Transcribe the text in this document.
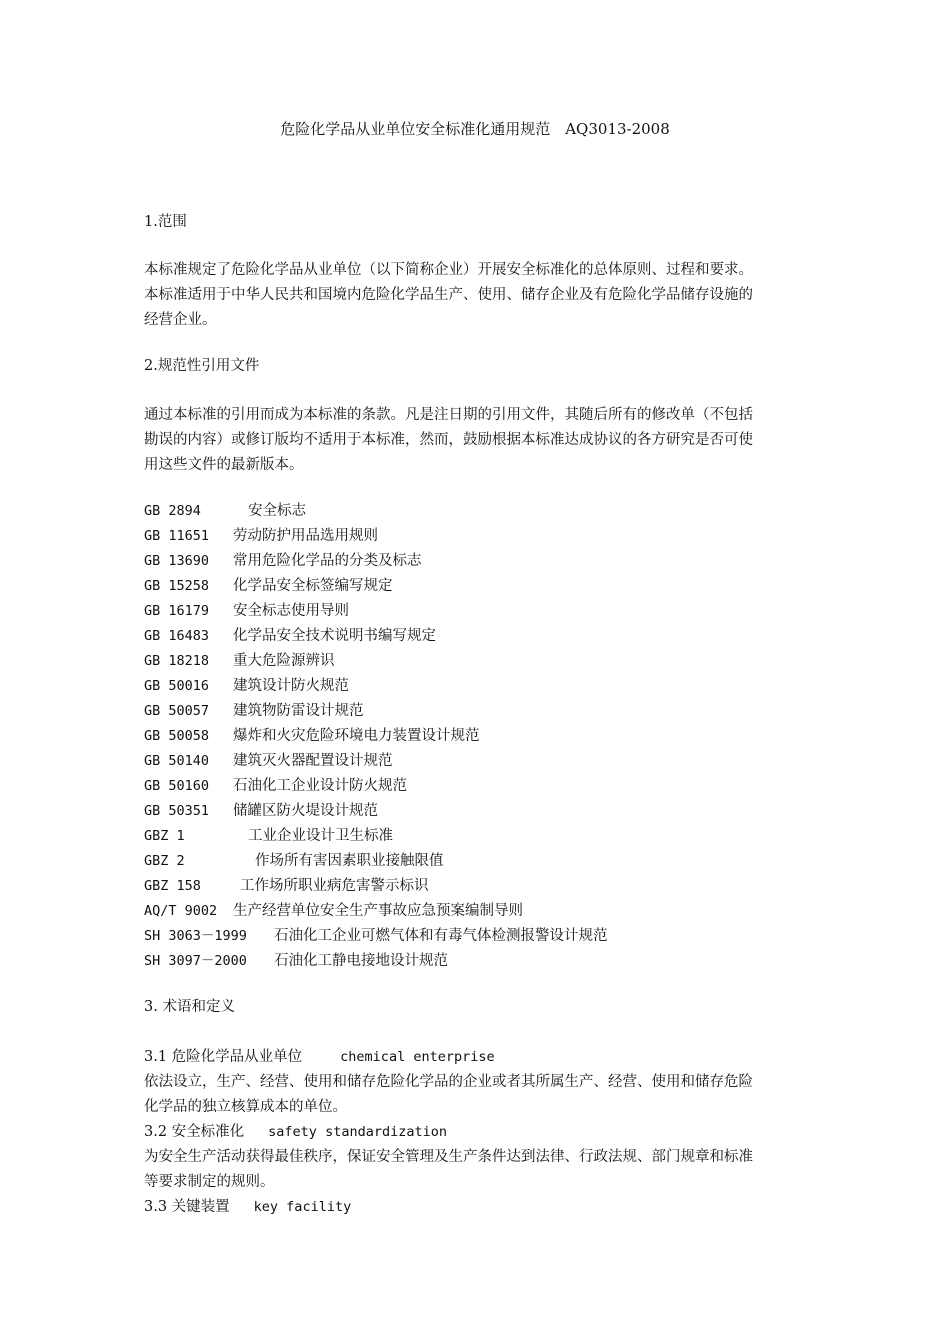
危险化学品从业单位安全标准化通用规范　AQ3013-2008
1.范围
本标准规定了危险化学品从业单位（以下简称企业）开展安全标准化的总体原则、过程和要求。
本标准适用于中华人民共和国境内危险化学品生产、使用、储存企业及有危险化学品储存设施的
经营企业。
2.规范性引用文件
通过本标准的引用而成为本标准的条款。凡是注日期的引用文件，其随后所有的修改单（不包括
勘误的内容）或修订版均不适用于本标准，然而，鼓励根据本标准达成协议的各方研究是否可使
用这些文件的最新版本。
GB 2894	安全标志
GB 11651 劳动防护用品选用规则
GB 13690 常用危险化学品的分类及标志
GB 15258 化学品安全标签编写规定
GB 16179 安全标志使用导则
GB 16483 化学品安全技术说明书编写规定
GB 18218 重大危险源辨识
GB 50016 建筑设计防火规范
GB 50057 建筑物防雷设计规范
GB 50058 爆炸和火灾危险环境电力装置设计规范
GB 50140 建筑灭火器配置设计规范
GB 50160 石油化工企业设计防火规范
GB 50351 储罐区防火堤设计规范
GBZ 1	工业企业设计卫生标准
GBZ 2	作场所有害因素职业接触限值
GBZ 158	工作场所职业病危害警示标识
AQ/T 9002 生产经营单位安全生产事故应急预案编制导则
SH 3063－1999 石油化工企业可燃气体和有毒气体检测报警设计规范
SH 3097－2000 石油化工静电接地设计规范
3. 术语和定义
3.1 危险化学品从业单位	chemical enterprise
依法设立，生产、经营、使用和储存危险化学品的企业或者其所属生产、经营、使用和储存危险
化学品的独立核算成本的单位。
3.2 安全标准化 safety standardization
为安全生产活动获得最佳秩序，保证安全管理及生产条件达到法律、行政法规、部门规章和标准
等要求制定的规则。
3.3 关键装置 key facility
